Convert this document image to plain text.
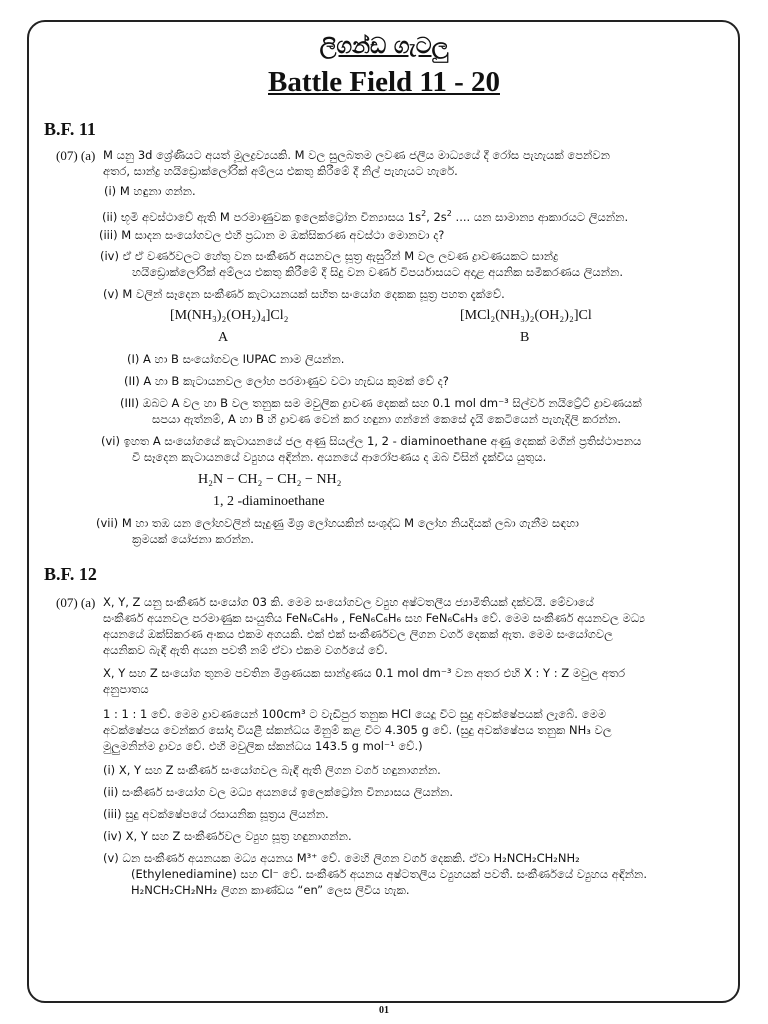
ලිගන්ඩ ගැටලු
Battle Field 11 - 20
B.F. 11
(07) (a) M යනු 3d ශ්‍රේණියට අයත් මූලද්‍රව්‍යයකි. M වල සුලබතම ලවණ ජලීය මාධ්‍යයේ දී රෝස පැහැයක් පෙන්වන
අතර, සාන්ද්‍ර හයිඩ්‍රොක්ලෝරික් අම්ලය එකතු කිරීමේ දී නිල් පැහැයට හැරේ.
(i) M හඳුනා ගන්න.
(ii) භූමි අවස්ථාවේ ඇති M පරමාණුවක ඉලෙක්ට්‍රෝන වින්‍යාසය $1s^2$, $2s^2$ .... යන සාමාන්‍ය ආකාරයට ලියන්න.
(iii) M සාදන සංයෝගවල එහි ප්‍රධාන ම ඔක්සිකරණ අවස්ථා මොනවා ද?
(iv) ඒ ඒ වර්ණවලට හේතු වන සංකීර්ණ අයනවල සූත්‍ර ඇසුරින් M වල ලවණ ද්‍රාවණයකට සාන්ද්‍ර
හයිඩ්‍රොක්ලෝරික් අම්ලය එකතු කිරීමේ දී සිදු වන වර්ණ විපර්යාසයට අදාළ අයනික සමීකරණය ලියන්න.
(v) M වලින් සෑදෙන සංකීර්ණ කැටායනයක් සහිත සංයෝග දෙකක සූත්‍ර පහත දැක්වේ.
[M(NH₃)₂(OH₂)₄]Cl₂	[MCl₂(NH₃)₂(OH₂)₂]Cl
A	B
(I) A හා B සංයෝගවල IUPAC නාම ලියන්න.
(II) A හා B කැටායනවල ලෝහ පරමාණුව වටා හැඩය කුමක් වේ ද?
(III) ඔබට A වල හා B වල තනුක සම මවුලික ද්‍රාවණ දෙකක් සහ 0.1 mol dm⁻³ සිල්වර් නයිට්‍රේට් ද්‍රාවණයක්
සපයා ඇත්නම්, A හා B හි ද්‍රාවණ වෙන් කර හඳුනා ගන්නේ කෙසේ දැයි කෙටියෙන් පැහැදිලි කරන්න.
(vi) ඉහත A සංයෝගයේ කැටායනයේ ජල අණු සියල්ල 1, 2 - diaminoethane අණු දෙකක් මගින් ප්‍රතිස්ථාපනය
වී සෑදෙන කැටායනයේ ව්‍යුහය අඳින්න. අයනයේ ආරෝපණය ද ඔබ විසින් දැක්විය යුතුය.
H₂N − CH₂ − CH₂ − NH₂
1, 2 -diaminoethane
(vii) M හා තඹ යන ලෝහවලින් සෑදුණු මිශ්‍ර ලෝහයකින් සංශුද්ධ M ලෝහ නියදියක් ලබා ගැනීම සඳහා
ක්‍රමයක් යෝජනා කරන්න.
B.F. 12
(07) (a) X, Y, Z යනු සංකීර්ණ සංයෝග 03 කි. මෙම සංයෝගවල ව්‍යුහ අෂ්ටතලීය ජ්‍යාමිතියක් දක්වයි. මේවායේ
සංකීර්ණ අයනවල පරමාණුක සංයුතිය FeN₆C₆H₉ , FeN₆C₆H₆ සහ FeN₆C₆H₃ වේ. මෙම සංකීර්ණ අයනවල මධ්‍ය
අයනයේ ඔක්සිකරණ අංකය එකම අගයකි. එක් එක් සංකීර්ණවල ලිගන වර්ග දෙකක් ඇත. මෙම සංයෝගවල
අයනිකව බැඳී ඇති අයන පවතී නම් ඒවා එකම වර්ගයේ වේ.
X, Y සහ Z සංයෝග තුනම පවතින මිශ්‍රණයක සාන්ද්‍රණය 0.1 mol dm⁻³ වන අතර එහි X : Y : Z මවුල අතර
අනුපාතය
1 : 1 : 1 වේ. මෙම ද්‍රාවණයෙන් 100cm³ ට වැඩිපුර තනුක HCl යෙදූ විට සුදු අවක්ෂේපයක් ලැබේ. මෙම
අවක්ෂේපය වෙන්කර සෝදා වියළී ස්කන්ධය මිනුම් කළ විට 4.305 g වේ. (සුදු අවක්ෂේපය තනුක NH₃ වල
මුලුමනින්ම ද්‍රාව්‍ය වේ. එහි මවුලික ස්කන්ධය 143.5 g mol⁻¹ වේ.)
(i) X, Y සහ Z සංකීර්ණ සංයෝගවල බැඳී ඇති ලිගන වර්ග හඳුනාගන්න.
(ii) සංකීර්ණ සංයෝග වල මධ්‍ය අයනයේ ඉලෙක්ට්‍රෝන වින්‍යාසය ලියන්න.
(iii) සුදු අවක්ෂේපයේ රසායනික සූත්‍රය ලියන්න.
(iv) X, Y සහ Z සංකීර්ණවල ව්‍යුහ සූත්‍ර හඳුනාගන්න.
(v) ධන සංකීර්ණ අයනයක මධ්‍ය අයනය M³⁺ වේ. මෙහි ලිගන වර්ග දෙකකි. ඒවා H₂NCH₂CH₂NH₂
(Ethylenediamine) සහ Cl⁻ වේ. සංකීර්ණ අයනය අෂ්ටතලීය ව්‍යුහයක් පවතී. සංකීර්ණයේ ව්‍යුහය අඳින්න.
H₂NCH₂CH₂NH₂ ලිගන කාණ්ඩය “en” ලෙස ලිවිය හැක.
01
